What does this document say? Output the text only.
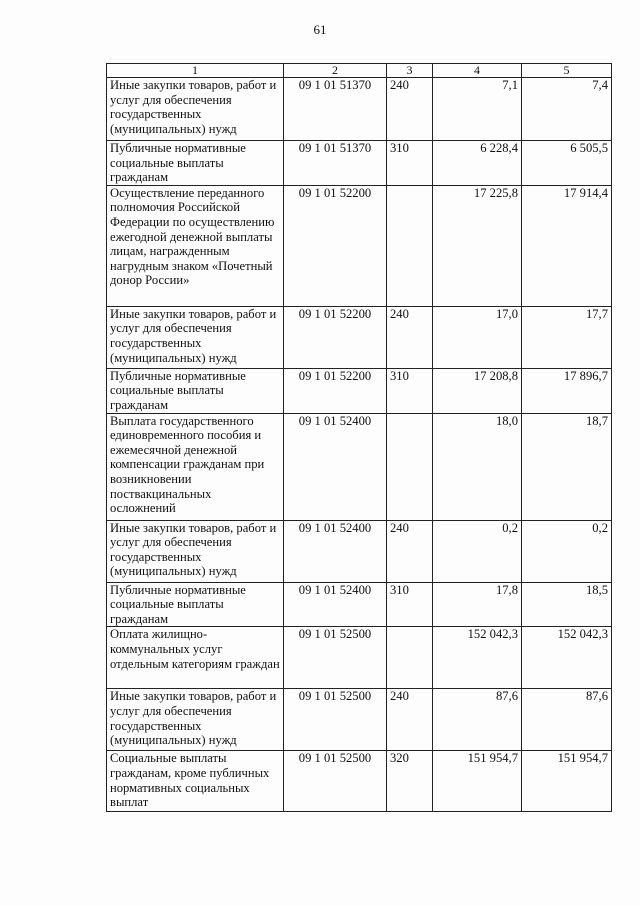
61
1	2	3	4	5
Иные закупки товаров, работ и услуг для обеспечения государственных (муниципальных) нужд	09 1 01 51370	240	7,1	7,4
Публичные нормативные социальные выплаты гражданам	09 1 01 51370	310	6 228,4	6 505,5
Осуществление переданного полномочия Российской Федерации по осуществлению ежегодной денежной выплаты лицам, награжденным нагрудным знаком «Почетный донор России»	09 1 01 52200		17 225,8	17 914,4
Иные закупки товаров, работ и услуг для обеспечения государственных (муниципальных) нужд	09 1 01 52200	240	17,0	17,7
Публичные нормативные социальные выплаты гражданам	09 1 01 52200	310	17 208,8	17 896,7
Выплата государственного единовременного пособия и ежемесячной денежной компенсации гражданам при возникновении поствакцинальных осложнений	09 1 01 52400		18,0	18,7
Иные закупки товаров, работ и услуг для обеспечения государственных (муниципальных) нужд	09 1 01 52400	240	0,2	0,2
Публичные нормативные социальные выплаты гражданам	09 1 01 52400	310	17,8	18,5
Оплата жилищно-коммунальных услуг отдельным категориям граждан	09 1 01 52500		152 042,3	152 042,3
Иные закупки товаров, работ и услуг для обеспечения государственных (муниципальных) нужд	09 1 01 52500	240	87,6	87,6
Социальные выплаты гражданам, кроме публичных нормативных социальных выплат	09 1 01 52500	320	151 954,7	151 954,7
